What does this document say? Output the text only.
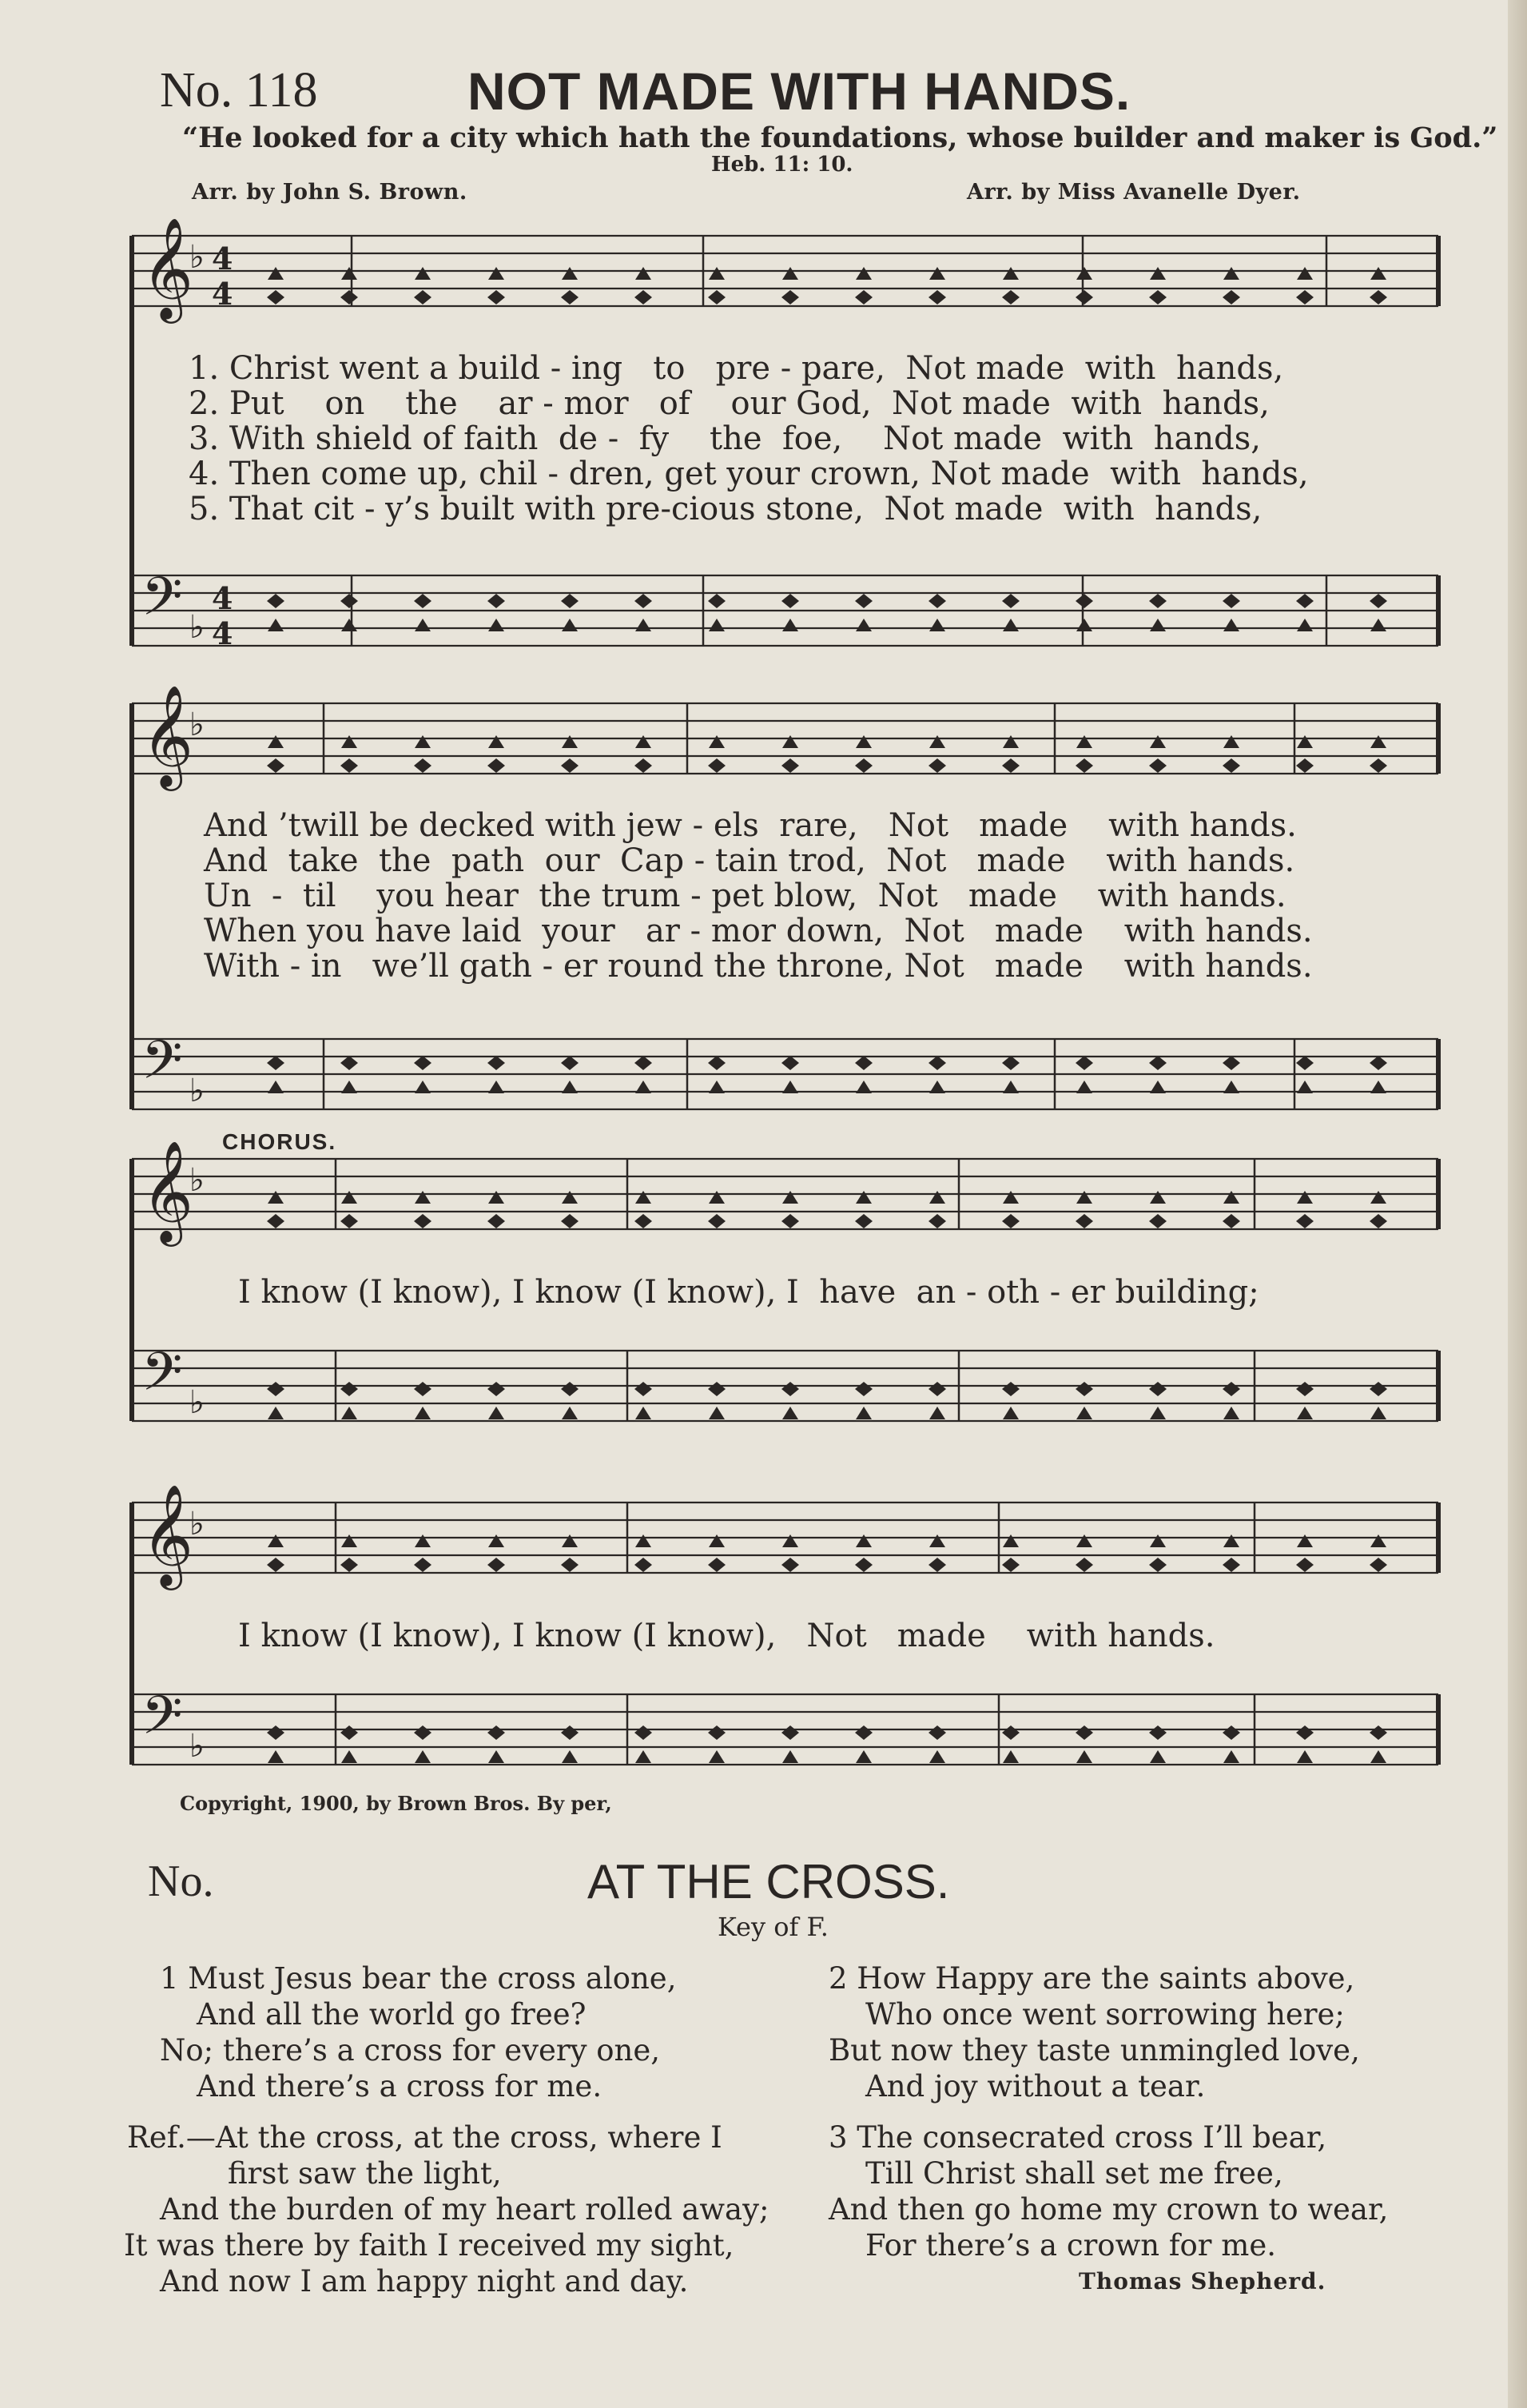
No. 118	NOT MADE WITH HANDS.
“He looked for a city which hath the foundations, whose builder and maker is God.”
Heb. 11: 10.
Arr. by John S. Brown.	Arr. by Miss Avanelle Dyer.
𝄞
𝄢
♭
♭
4
4
4
4
𝄞
𝄢
♭
♭
𝄞
𝄢
♭
♭
𝄞
𝄢
♭
♭
1. Christ went a build - ing   to   pre - pare,  Not made  with  hands,
2. Put    on    the    ar - mor   of    our God,  Not made  with  hands,
3. With shield of faith  de -  fy    the  foe,    Not made  with  hands,
4. Then come up, chil - dren, get your crown, Not made  with  hands,
5. That cit - y’s built with pre-cious stone,  Not made  with  hands,
And ’twill be decked with jew - els  rare,   Not   made    with hands.
And  take  the  path  our  Cap - tain trod,  Not   made    with hands.
Un  -  til    you hear  the trum - pet blow,  Not   made    with hands.
When you have laid  your   ar - mor down,  Not   made    with hands.
With - in   we’ll gath - er round the throne, Not   made    with hands.
CHORUS.
I know (I know), I know (I know), I  have  an - oth - er building;
I know (I know), I know (I know),   Not   made    with hands.
Copyright, 1900, by Brown Bros. By per,
No.	AT THE CROSS.
Key of F.
1 Must Jesus bear the cross alone,
And all the world go free?
No; there’s a cross for every one,
And there’s a cross for me.
Ref.—At the cross, at the cross, where I
first saw the light,
And the burden of my heart rolled away;
It was there by faith I received my sight,
And now I am happy night and day.
2 How Happy are the saints above,
Who once went sorrowing here;
But now they taste unmingled love,
And joy without a tear.
3 The consecrated cross I’ll bear,
Till Christ shall set me free,
And then go home my crown to wear,
For there’s a crown for me.
Thomas Shepherd.
